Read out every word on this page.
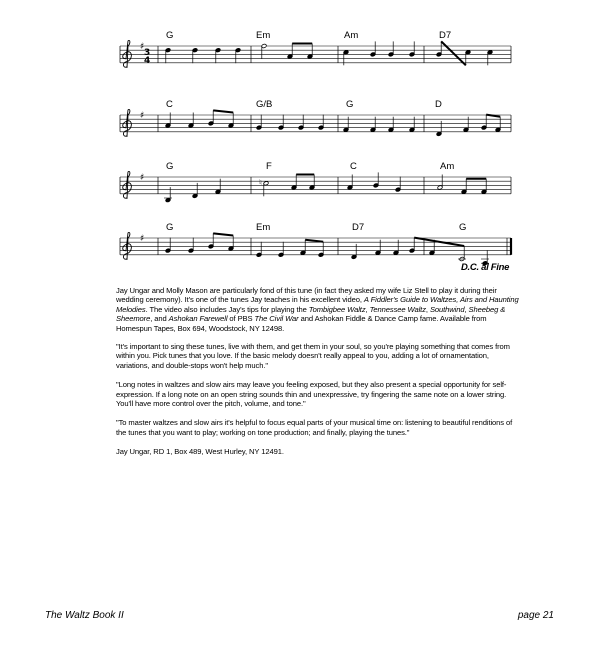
♯
3
4
G	Em	Am	D7
♯
C	G/B	G	D
♯
G	F	C	Am
♮
♯
G	Em	D7	G
D.C. al Fine

Jay Ungar and Molly Mason are particularly fond of this tune (in fact they asked my wife Liz Stell to play it during their wedding ceremony). It's one of the tunes Jay teaches in his excellent video, A Fiddler's Guide to Waltzes, Airs and Haunting Melodies. The video also includes Jay's tips for playing the Tombigbee Waltz, Tennessee Waltz, Southwind, Sheebeg & Sheemore, and Ashokan Farewell of PBS The Civil War and Ashokan Fiddle & Dance Camp fame. Available from Homespun Tapes, Box 694, Woodstock, NY 12498.

"It's important to sing these tunes, live with them, and get them in your soul, so you're playing something that comes from within you. Pick tunes that you love. If the basic melody doesn't really appeal to you, adding a lot of ornamentation, variations, and double-stops won't help much."

"Long notes in waltzes and slow airs may leave you feeling exposed, but they also present a special opportunity for self-expression. If a long note on an open string sounds thin and unexpressive, try fingering the same note on a lower string. You'll have more control over the pitch, volume, and tone."

"To master waltzes and slow airs it's helpful to focus equal parts of your musical time on: listening to beautiful renditions of the tunes that you want to play; working on tone production; and finally, playing the tunes."

Jay Ungar, RD 1, Box 489, West Hurley, NY 12491.

The Waltz Book II	page 21
